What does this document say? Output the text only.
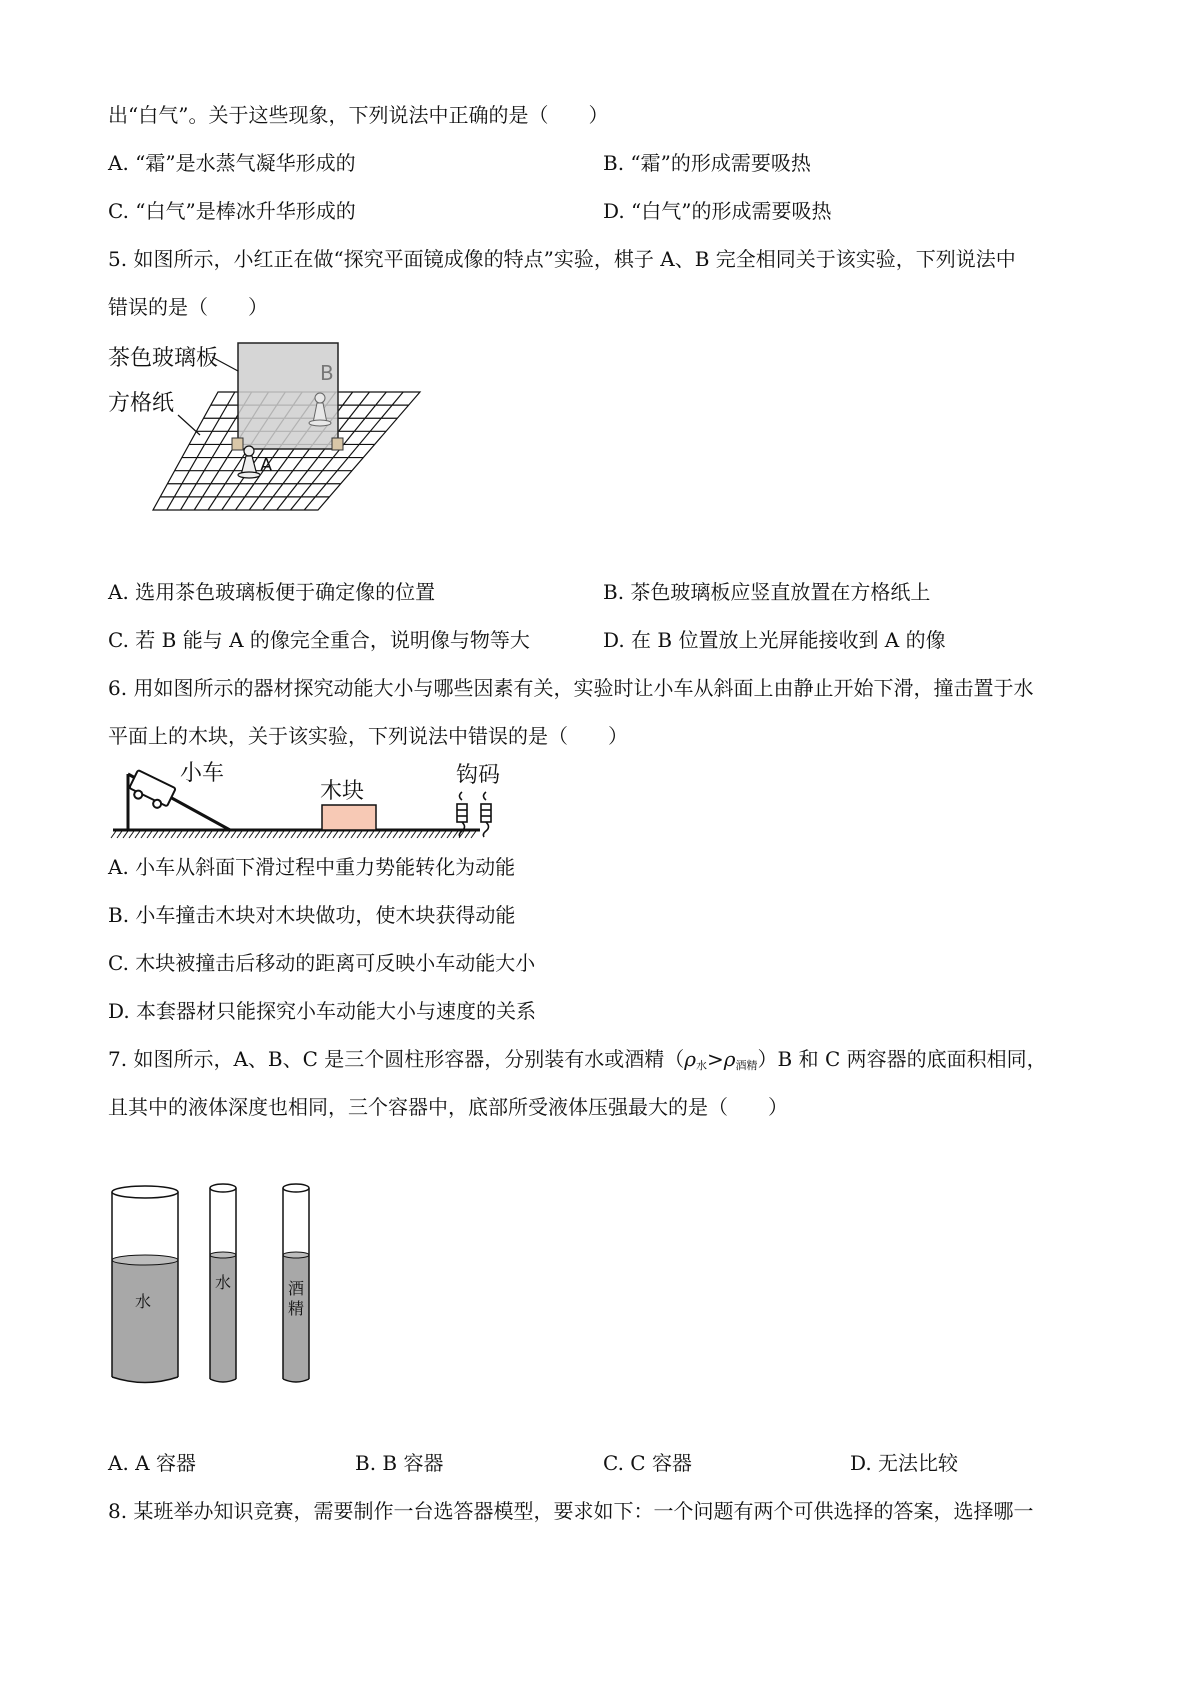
出“白气”。关于这些现象，下列说法中正确的是（　　）
A. “霜”是水蒸气凝华形成的	B. “霜”的形成需要吸热
C. “白气”是棒冰升华形成的	D. “白气”的形成需要吸热
5. 如图所示，小红正在做“探究平面镜成像的特点”实验，棋子 A、B 完全相同关于该实验，下列说法中
错误的是（　　）
B
A
茶色玻璃板
方格纸
A. 选用茶色玻璃板便于确定像的位置	B. 茶色玻璃板应竖直放置在方格纸上
C. 若 B 能与 A 的像完全重合，说明像与物等大	D. 在 B 位置放上光屏能接收到 A 的像
6. 用如图所示的器材探究动能大小与哪些因素有关，实验时让小车从斜面上由静止开始下滑，撞击置于水
平面上的木块，关于该实验，下列说法中错误的是（　　）
小车
木块
钩码
A. 小车从斜面下滑过程中重力势能转化为动能
B. 小车撞击木块对木块做功，使木块获得动能
C. 木块被撞击后移动的距离可反映小车动能大小
D. 本套器材只能探究小车动能大小与速度的关系
7. 如图所示，A、B、C 是三个圆柱形容器，分别装有水或酒精$(\rho_水>\rho_{酒精})B$ 和 C 两容器的底面积相同，
且其中的液体深度也相同，三个容器中，底部所受液体压强最大的是（　　）
水
水	酒
精
A. A 容器	B. B 容器	C. C 容器	D. 无法比较
8. 某班举办知识竞赛，需要制作一台选答器模型，要求如下：一个问题有两个可供选择的答案，选择哪一
